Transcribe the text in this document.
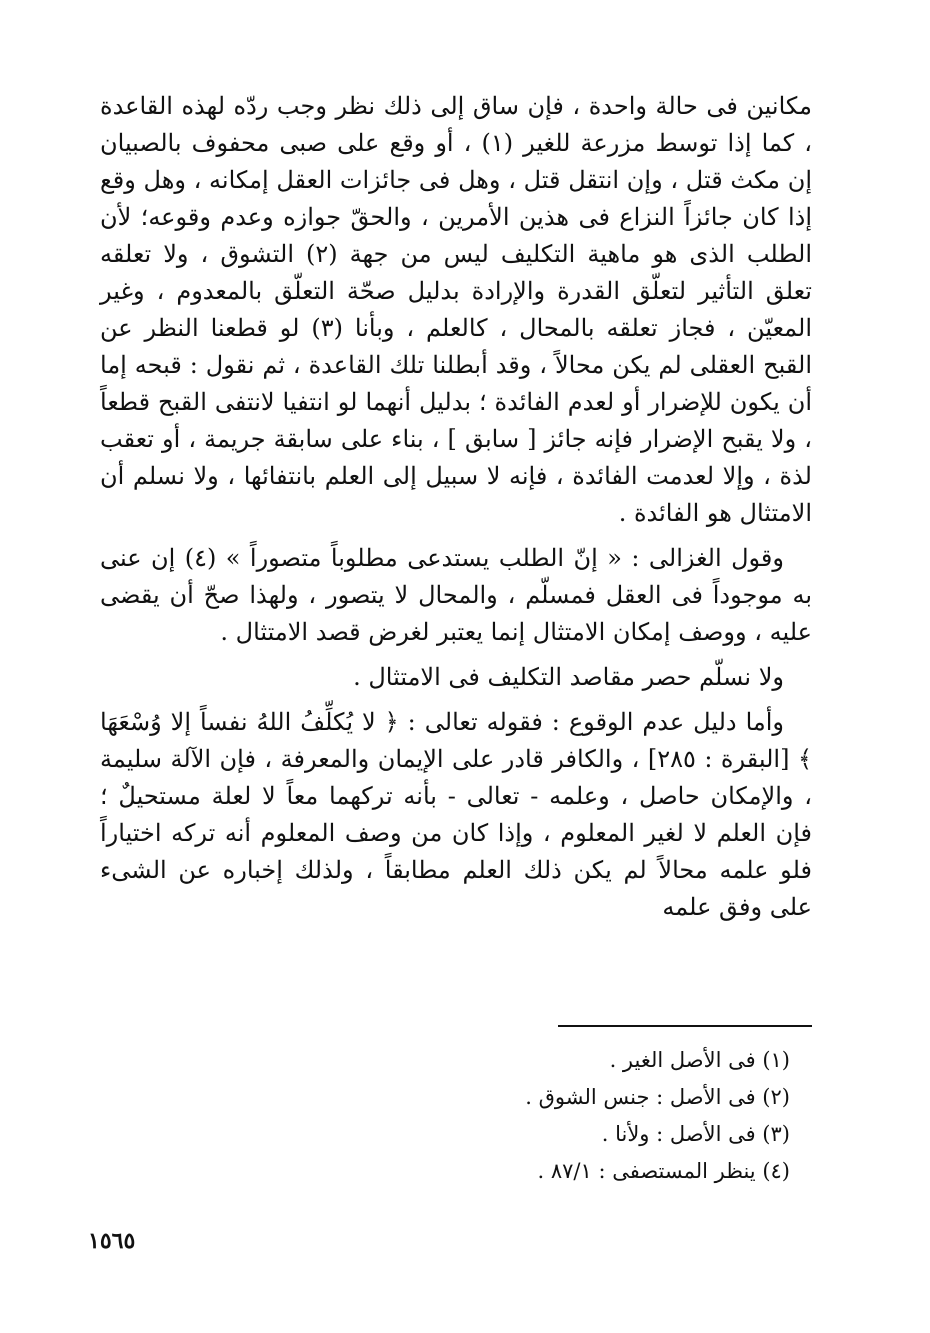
مكانين فى حالة واحدة ، فإن ساق إلى ذلك نظر وجب ردّه لهذه القاعدة ، كما إذا توسط مزرعة للغير (١) ، أو وقع على صبى محفوف بالصبيان إن مكث قتل ، وإن انتقل قتل ، وهل فى جائزات العقل إمكانه ، وهل وقع إذا كان جائزاً النزاع فى هذين الأمرين ، والحقّ جوازه وعدم وقوعه؛ لأن الطلب الذى هو ماهية التكليف ليس من جهة (٢) التشوق ، ولا تعلقه تعلق التأثير لتعلّق القدرة والإرادة بدليل صحّة التعلّق بالمعدوم ، وغير المعيّن ، فجاز تعلقه بالمحال ، كالعلم ، وبأنا (٣) لو قطعنا النظر عن القبح العقلى لم يكن محالاً ، وقد أبطلنا تلك القاعدة ، ثم نقول : قبحه إما أن يكون للإضرار أو لعدم الفائدة ؛ بدليل أنهما لو انتفيا لانتفى القبح قطعاً ، ولا يقبح الإضرار فإنه جائز [ سابق ] ، بناء على سابقة جريمة ، أو تعقب لذة ، وإلا لعدمت الفائدة ، فإنه لا سبيل إلى العلم بانتفائها ، ولا نسلم أن الامتثال هو الفائدة .

وقول الغزالى : « إنّ الطلب يستدعى مطلوباً متصوراً » (٤) إن عنى به موجوداً فى العقل فمسلّم ، والمحال لا يتصور ، ولهذا صحّ أن يقضى عليه ، ووصف إمكان الامتثال إنما يعتبر لغرض قصد الامتثال .

ولا نسلّم حصر مقاصد التكليف فى الامتثال .

وأما دليل عدم الوقوع : فقوله تعالى : ﴿ لا يُكلِّفُ اللهُ نفساً إلا وُسْعَهَا ﴾ [البقرة : ٢٨٥] ، والكافر قادر على الإيمان والمعرفة ، فإن الآلة سليمة ، والإمكان حاصل ، وعلمه - تعالى - بأنه تركهما معاً لا لعلة مستحيلٌ ؛ فإن العلم لا لغير المعلوم ، وإذا كان من وصف المعلوم أنه تركه اختياراً فلو علمه محالاً لم يكن ذلك العلم مطابقاً ، ولذلك إخباره عن الشىء على وفق علمه

(١) فى الأصل الغير .

(٢) فى الأصل : جنس الشوق .

(٣) فى الأصل : ولأنا .

(٤) ينظر المستصفى : ٨٧/١ .

١٥٦٥
